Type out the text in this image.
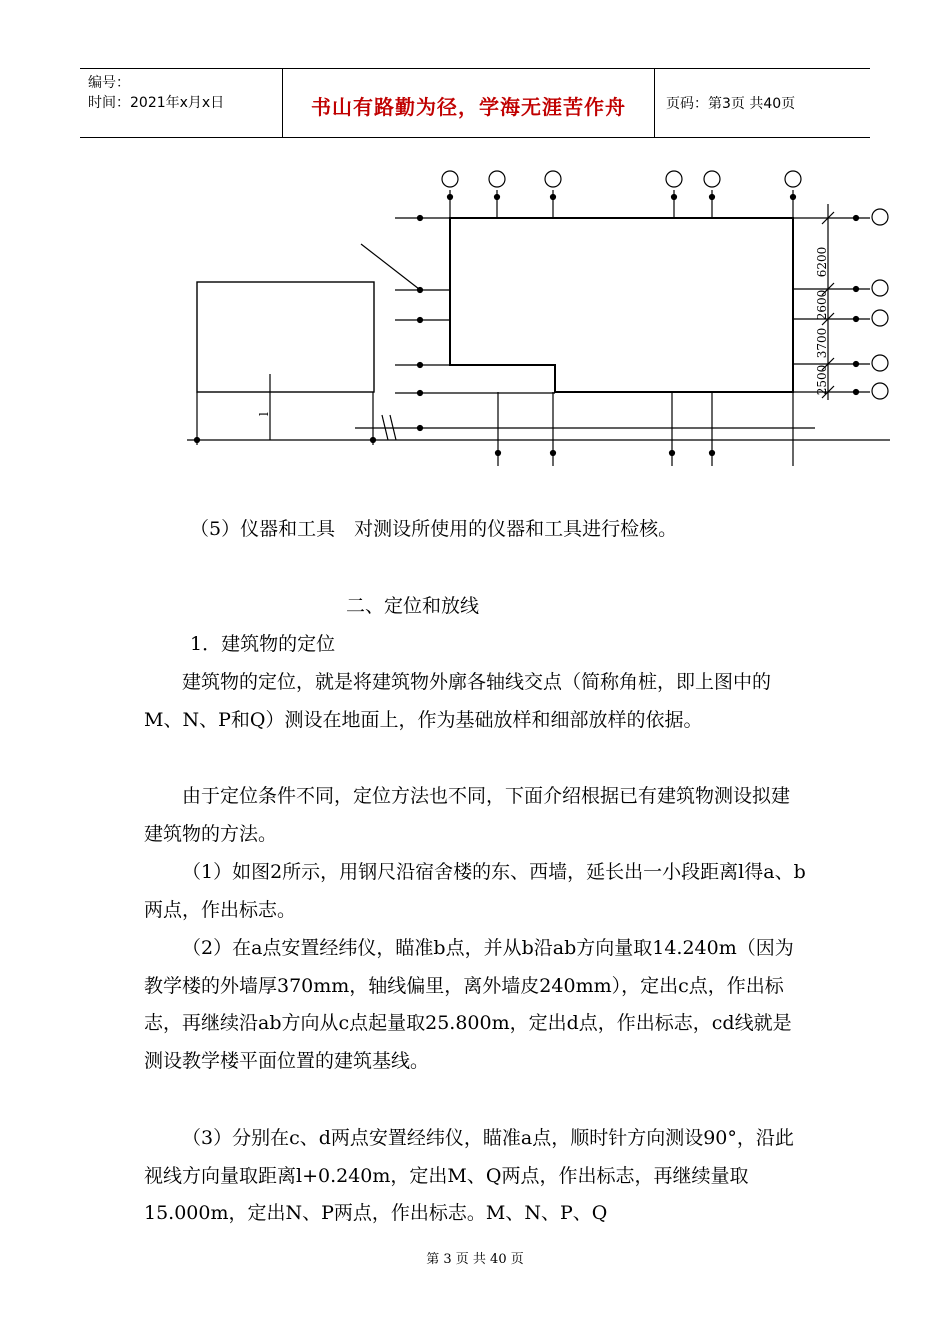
编号：
时间：2021年x月x日	书山有路勤为径，学海无涯苦作舟	页码：第3页 共40页
l
6200
2600
3700
2500

（5）仪器和工具　对测设所使用的仪器和工具进行检核。

二、定位和放线

1．建筑物的定位

建筑物的定位，就是将建筑物外廓各轴线交点（简称角桩，即上图中的M、N、P和Q）测设在地面上，作为基础放样和细部放样的依据。

由于定位条件不同，定位方法也不同，下面介绍根据已有建筑物测设拟建建筑物的方法。

（1）如图2所示，用钢尺沿宿舍楼的东、西墙，延长出一小段距离l得a、b两点，作出标志。

（2）在a点安置经纬仪，瞄准b点，并从b沿ab方向量取14.240m（因为教学楼的外墙厚370mm，轴线偏里，离外墙皮240mm），定出c点，作出标志，再继续沿ab方向从c点起量取25.800m，定出d点，作出标志，cd线就是测设教学楼平面位置的建筑基线。

（3）分别在c、d两点安置经纬仪，瞄准a点，顺时针方向测设90°，沿此视线方向量取距离l+0.240m，定出M、Q两点，作出标志，再继续量取15.000m，定出N、P两点，作出标志。M、N、P、Q

第 3 页 共 40 页
